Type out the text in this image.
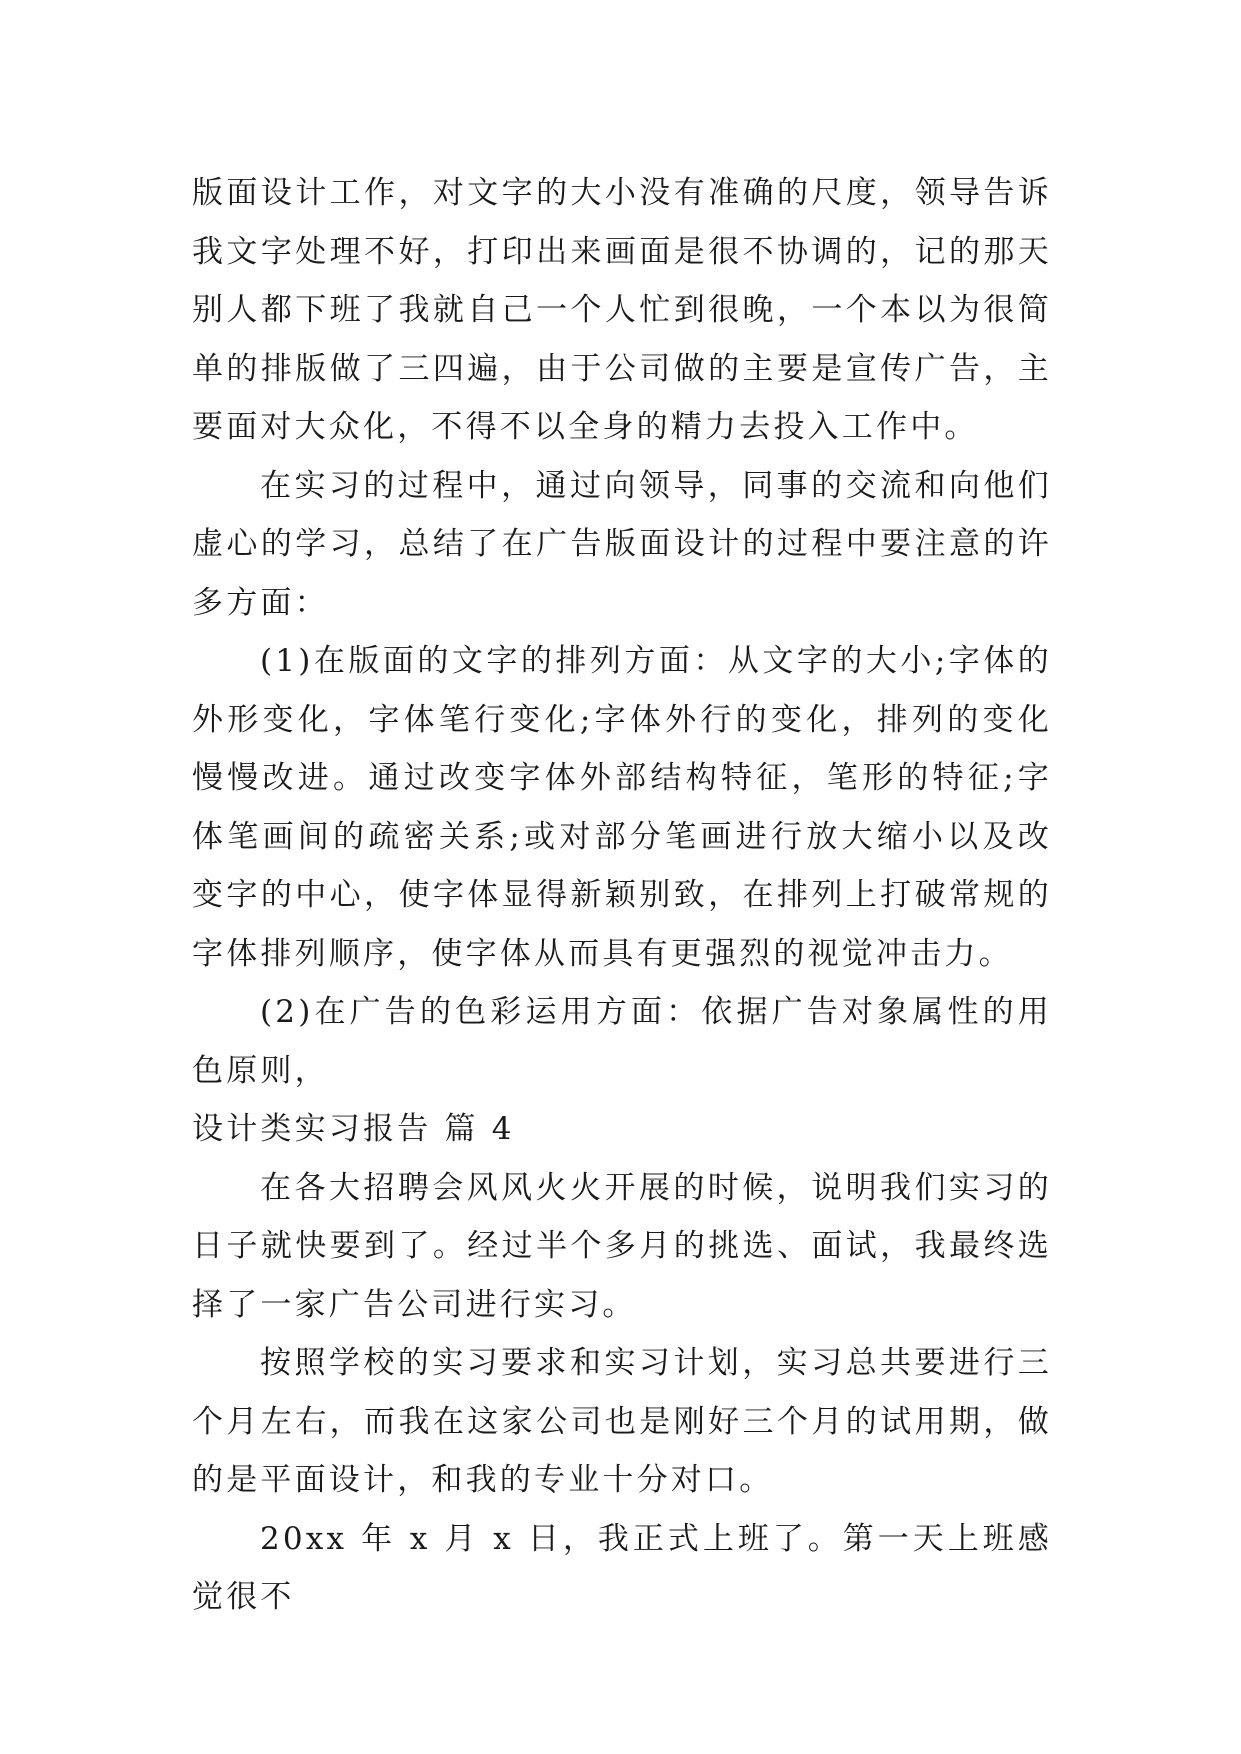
版面设计工作，对文字的大小没有准确的尺度，领导告诉我文字处理不好，打印出来画面是很不协调的，记的那天别人都下班了我就自己一个人忙到很晚，一个本以为很简单的排版做了三四遍，由于公司做的主要是宣传广告，主要面对大众化，不得不以全身的精力去投入工作中。

在实习的过程中，通过向领导，同事的交流和向他们虚心的学习，总结了在广告版面设计的过程中要注意的许多方面：

(1)在版面的文字的排列方面：从文字的大小;字体的外形变化，字体笔行变化;字体外行的变化，排列的变化慢慢改进。通过改变字体外部结构特征，笔形的特征;字体笔画间的疏密关系;或对部分笔画进行放大缩小以及改变字的中心，使字体显得新颖别致，在排列上打破常规的字体排列顺序，使字体从而具有更强烈的视觉冲击力。

(2)在广告的色彩运用方面：依据广告对象属性的用色原则，

设计类实习报告 篇 4

在各大招聘会风风火火开展的时候，说明我们实习的日子就快要到了。经过半个多月的挑选、面试，我最终选择了一家广告公司进行实习。

按照学校的实习要求和实习计划，实习总共要进行三个月左右，而我在这家公司也是刚好三个月的试用期，做的是平面设计，和我的专业十分对口。

20xx 年 x 月 x 日，我正式上班了。第一天上班感觉很不
